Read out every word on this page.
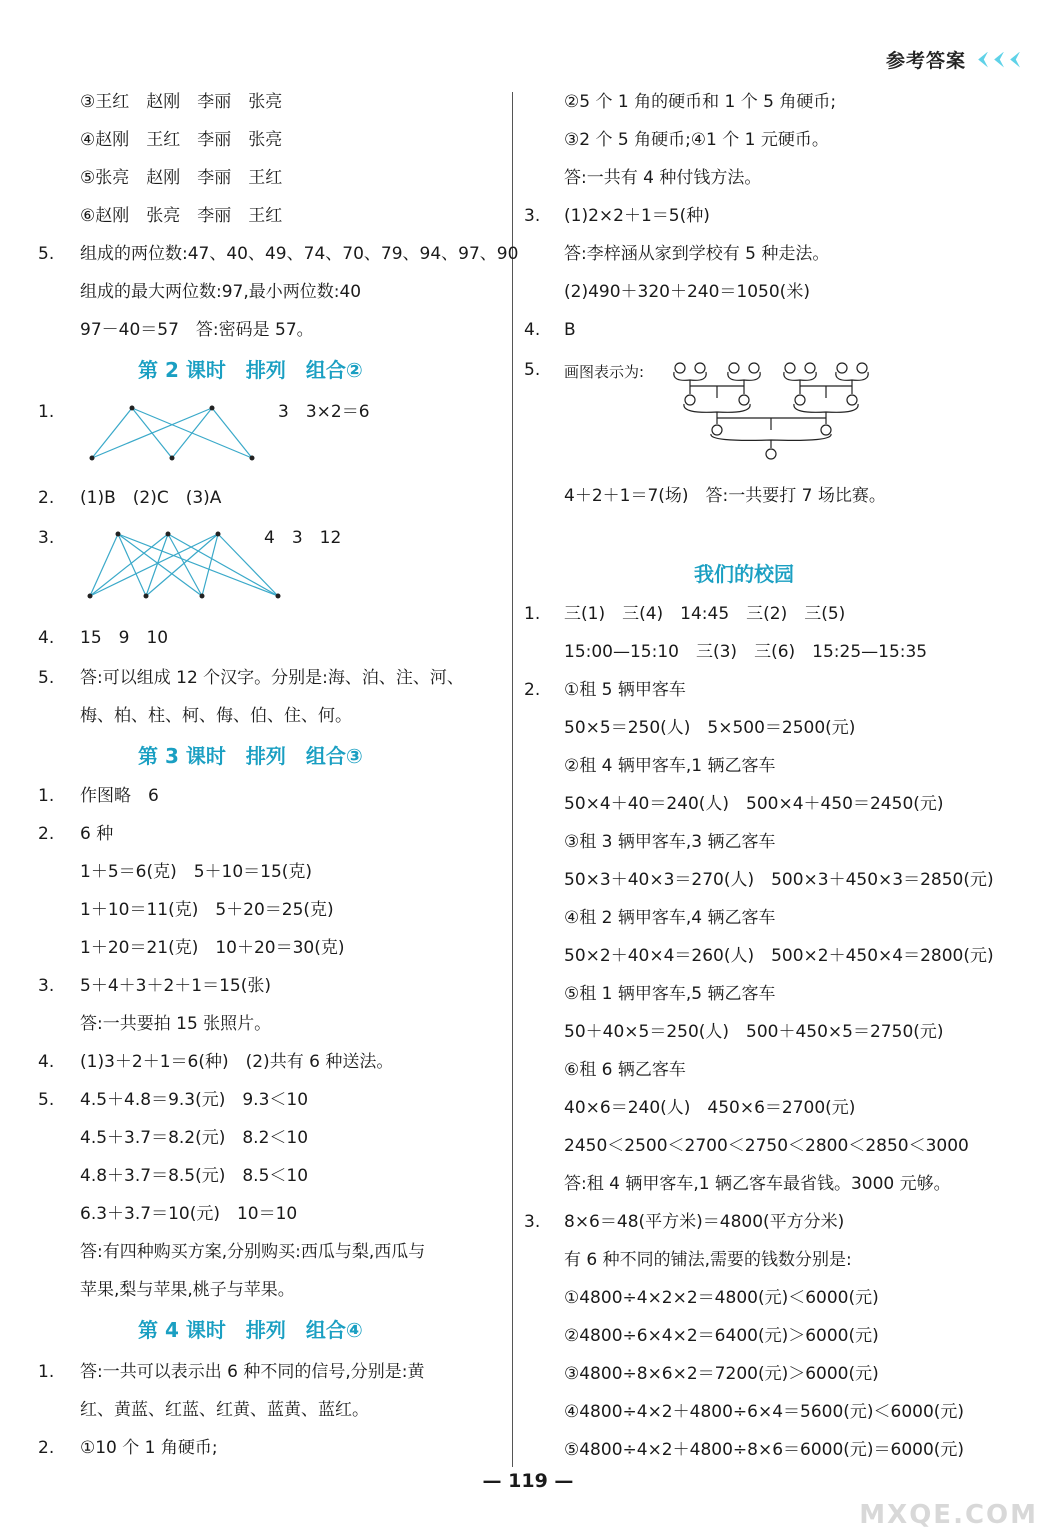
参考答案
③王红　赵刚　李丽　张亮
④赵刚　王红　李丽　张亮
⑤张亮　赵刚　李丽　王红
⑥赵刚　张亮　李丽　王红
5. 组成的两位数:47、40、49、74、70、79、94、97、90
组成的最大两位数:97,最小两位数:40
97－40＝57　答:密码是 57。
第 2 课时　排列　组合②
1.	3　3×2＝6
2. (1)B　(2)C　(3)A
3.	4　3　12
4. 15　9　10
5. 答:可以组成 12 个汉字。分别是:海、泊、注、河、
梅、柏、柱、柯、侮、伯、住、何。
第 3 课时　排列　组合③
1. 作图略　6
2. 6 种
1＋5＝6(克)　5＋10＝15(克)
1＋10＝11(克)　5＋20＝25(克)
1＋20＝21(克)　10＋20＝30(克)
3. 5＋4＋3＋2＋1＝15(张)
答:一共要拍 15 张照片。
4. (1)3＋2＋1＝6(种)　(2)共有 6 种送法。
5. 4.5＋4.8＝9.3(元)　9.3＜10
4.5＋3.7＝8.2(元)　8.2＜10
4.8＋3.7＝8.5(元)　8.5＜10
6.3＋3.7＝10(元)　10＝10
答:有四种购买方案,分别购买:西瓜与梨,西瓜与
苹果,梨与苹果,桃子与苹果。
第 4 课时　排列　组合④
1. 答:一共可以表示出 6 种不同的信号,分别是:黄
红、黄蓝、红蓝、红黄、蓝黄、蓝红。
2. ①10 个 1 角硬币;
②5 个 1 角的硬币和 1 个 5 角硬币;
③2 个 5 角硬币;④1 个 1 元硬币。
答:一共有 4 种付钱方法。
3. (1)2×2＋1＝5(种)
答:李梓涵从家到学校有 5 种走法。
(2)490＋320＋240＝1050(米)
4. B
5. 画图表示为:
4＋2＋1＝7(场)　答:一共要打 7 场比赛。
我们的校园
1. 三(1)　三(4)　14:45　三(2)　三(5)
15:00—15:10　三(3)　三(6)　15:25—15:35
2. ①租 5 辆甲客车
50×5＝250(人)　5×500＝2500(元)
②租 4 辆甲客车,1 辆乙客车
50×4＋40＝240(人)　500×4＋450＝2450(元)
③租 3 辆甲客车,3 辆乙客车
50×3＋40×3＝270(人)　500×3＋450×3＝2850(元)
④租 2 辆甲客车,4 辆乙客车
50×2＋40×4＝260(人)　500×2＋450×4＝2800(元)
⑤租 1 辆甲客车,5 辆乙客车
50＋40×5＝250(人)　500＋450×5＝2750(元)
⑥租 6 辆乙客车
40×6＝240(人)　450×6＝2700(元)
2450＜2500＜2700＜2750＜2800＜2850＜3000
答:租 4 辆甲客车,1 辆乙客车最省钱。3000 元够。
3. 8×6＝48(平方米)＝4800(平方分米)
有 6 种不同的铺法,需要的钱数分别是:
①4800÷4×2×2＝4800(元)＜6000(元)
②4800÷6×4×2＝6400(元)＞6000(元)
③4800÷8×6×2＝7200(元)＞6000(元)
④4800÷4×2＋4800÷6×4＝5600(元)＜6000(元)
⑤4800÷4×2＋4800÷8×6＝6000(元)＝6000(元)
— 119 —
MXQE.COM
